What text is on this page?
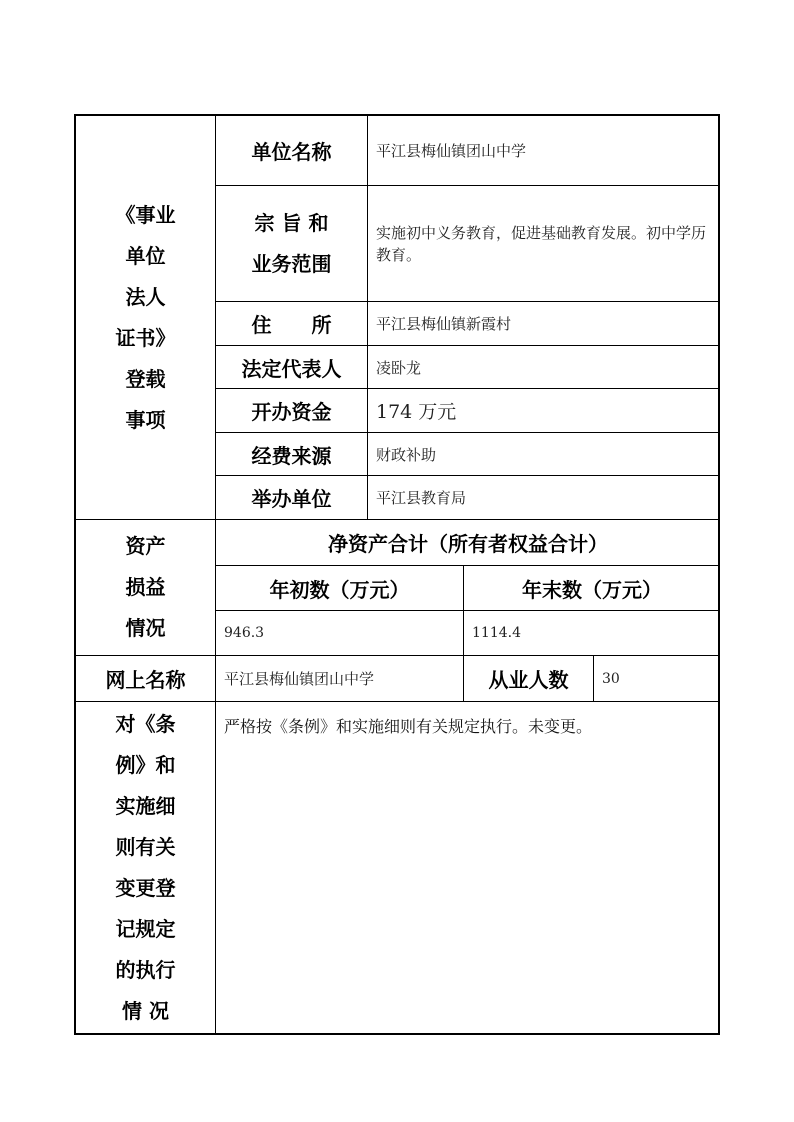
《事业
单位
法人
证书》
登载
事项
单位名称	平江县梅仙镇团山中学
宗 旨 和
业务范围
实施初中义务教育，促进基础教育发展。初中学历教育。
住　　所	平江县梅仙镇新霞村
法定代表人 凌卧龙
开办资金 174 万元
经费来源	财政补助
举办单位	平江县教育局
资产
损益
情况
净资产合计（所有者权益合计）
年初数（万元）	年末数（万元）
946.3	1114.4
网上名称	平江县梅仙镇团山中学	从业人数 30
对《条
例》和
实施细
则有关
变更登
记规定
的执行
情 况
严格按《条例》和实施细则有关规定执行。未变更。
